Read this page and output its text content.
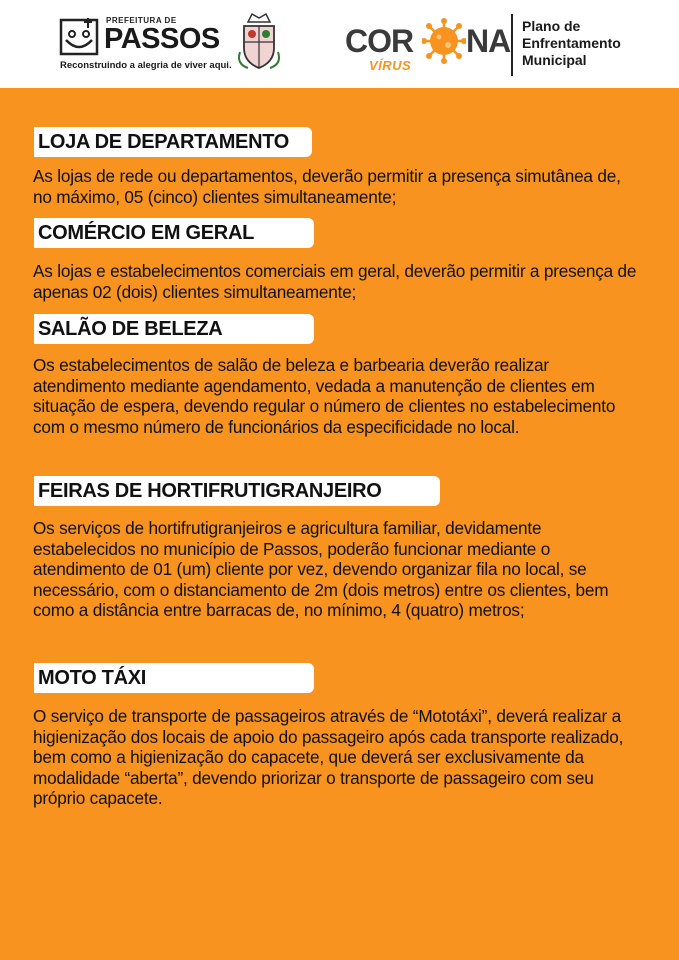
PREFEITURA DE
PASSOS
Reconstruindo a alegria de viver aqui.
COR NA
VÍRUS
Plano de
Enfrentamento
Municipal
LOJA DE DEPARTAMENTO

As lojas de rede ou departamentos, deverão permitir a presença simutânea de, no máximo, 05 (cinco) clientes simultaneamente;

COMÉRCIO EM GERAL

As lojas e estabelecimentos comerciais em geral, deverão permitir a presença de apenas 02 (dois) clientes simultaneamente;

SALÃO DE BELEZA

Os estabelecimentos de salão de beleza e barbearia deverão realizar atendimento mediante agendamento, vedada a manutenção de clientes em situação de espera, devendo regular o número de clientes no estabelecimento com o mesmo número de funcionários da especificidade no local.

FEIRAS DE HORTIFRUTIGRANJEIRO

Os serviços de hortifrutigranjeiros e agricultura familiar, devidamente estabelecidos no município de Passos, poderão funcionar mediante o atendimento de 01 (um) cliente por vez, devendo organizar fila no local, se necessário, com o distanciamento de 2m (dois metros) entre os clientes, bem como a distância entre barracas de, no mínimo, 4 (quatro) metros;

MOTO TÁXI

O serviço de transporte de passageiros através de “Mototáxi”, deverá realizar a higienização dos locais de apoio do passageiro após cada transporte realizado, bem como a higienização do capacete, que deverá ser exclusivamente da modalidade “aberta”, devendo priorizar o transporte de passageiro com seu próprio capacete.
